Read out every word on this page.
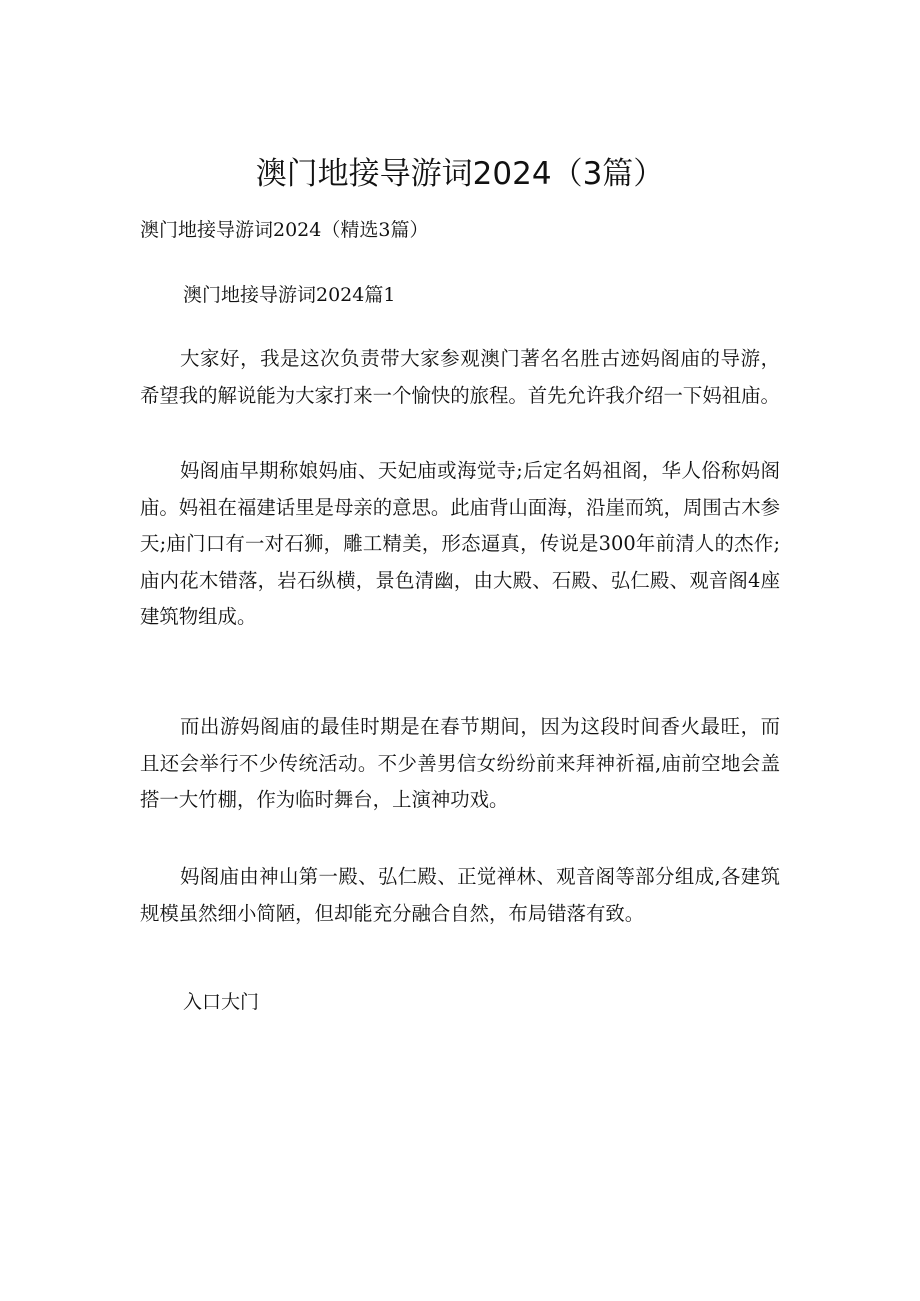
澳门地接导游词2024（3篇）

澳门地接导游词2024（精选3篇）

澳门地接导游词2024篇1

大家好，我是这次负责带大家参观澳门著名名胜古迹妈阁庙的导游，希望我的解说能为大家打来一个愉快的旅程。首先允许我介绍一下妈祖庙。

妈阁庙早期称娘妈庙、天妃庙或海觉寺;后定名妈祖阁，华人俗称妈阁庙。妈祖在福建话里是母亲的意思。此庙背山面海，沿崖而筑，周围古木参天;庙门口有一对石狮，雕工精美，形态逼真，传说是300年前清人的杰作;庙内花木错落，岩石纵横，景色清幽，由大殿、石殿、弘仁殿、观音阁4座建筑物组成。

而出游妈阁庙的最佳时期是在春节期间，因为这段时间香火最旺，而且还会举行不少传统活动。不少善男信女纷纷前来拜神祈福,庙前空地会盖搭一大竹棚，作为临时舞台，上演神功戏。

妈阁庙由神山第一殿、弘仁殿、正觉禅林、观音阁等部分组成,各建筑规模虽然细小简陋，但却能充分融合自然，布局错落有致。

入口大门
